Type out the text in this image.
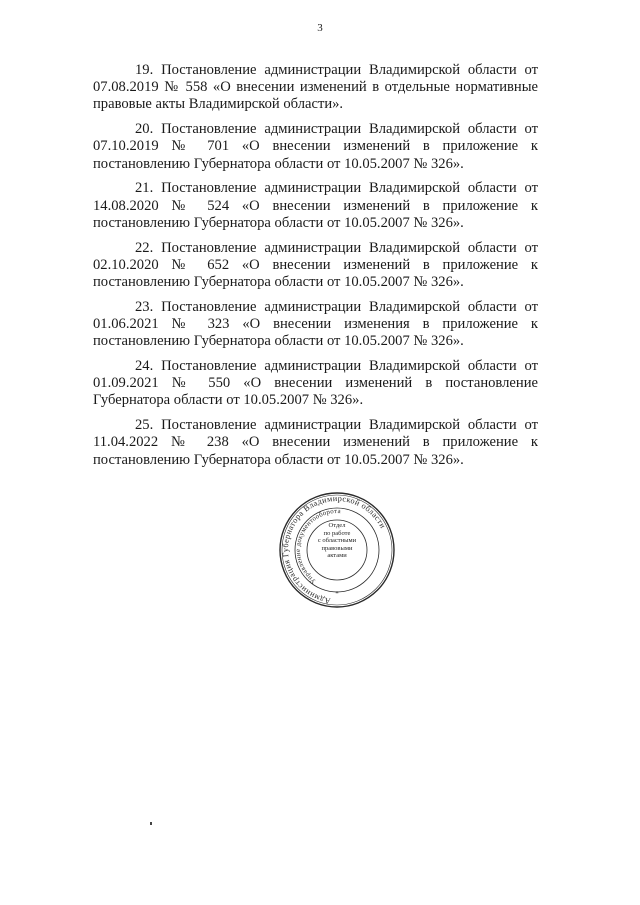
3

19. Постановление администрации Владимирской области от 07.08.2019 № 558 «О внесении изменений в отдельные нормативные правовые акты Владимирской области».

20. Постановление администрации Владимирской области от 07.10.2019 № 701 «О внесении изменений в приложение к постановлению Губернатора области от 10.05.2007 № 326».

21. Постановление администрации Владимирской области от 14.08.2020 № 524 «О внесении изменений в приложение к постановлению Губернатора области от 10.05.2007 № 326».

22. Постановление администрации Владимирской области от 02.10.2020 № 652 «О внесении изменений в приложение к постановлению Губернатора области от 10.05.2007 № 326».

23. Постановление администрации Владимирской области от 01.06.2021 № 323 «О внесении изменения в приложение к постановлению Губернатора области от 10.05.2007 № 326».

24. Постановление администрации Владимирской области от 01.09.2021 № 550 «О внесении изменений в постановление Губернатора области от 10.05.2007 № 326».

25. Постановление администрации Владимирской области от 11.04.2022 № 238 «О внесении изменений в приложение к постановлению Губернатора области от 10.05.2007 № 326».

Администрация Губернатора Владимирской области
Управление документооборота
Отдел
по работе
с областными
правовыми
актами
*
